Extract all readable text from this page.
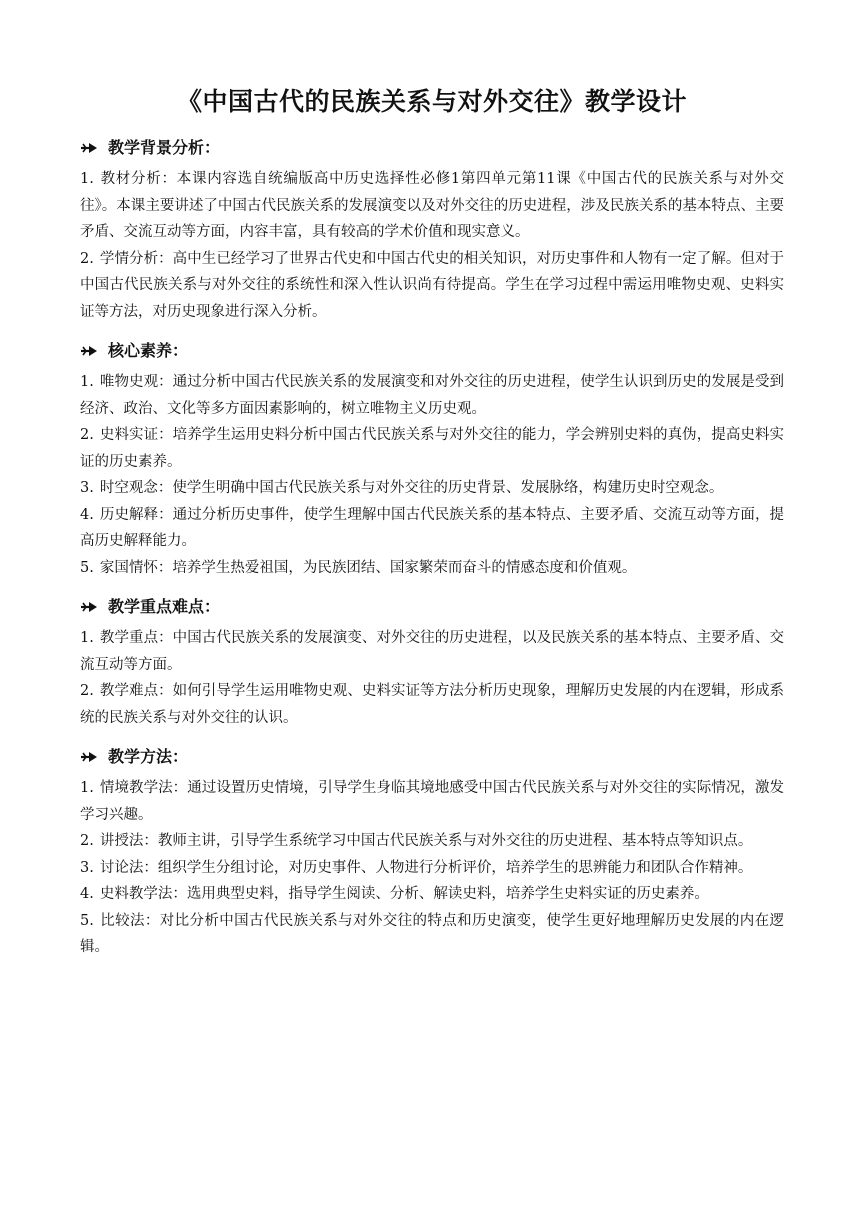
《中国古代的民族关系与对外交往》教学设计
教学背景分析：

1. 教材分析：本课内容选自统编版高中历史选择性必修1第四单元第11课《中国古代的民族关系与对外交往》。本课主要讲述了中国古代民族关系的发展演变以及对外交往的历史进程，涉及民族关系的基本特点、主要矛盾、交流互动等方面，内容丰富，具有较高的学术价值和现实意义。

2. 学情分析：高中生已经学习了世界古代史和中国古代史的相关知识，对历史事件和人物有一定了解。但对于中国古代民族关系与对外交往的系统性和深入性认识尚有待提高。学生在学习过程中需运用唯物史观、史料实证等方法，对历史现象进行深入分析。

核心素养：

1. 唯物史观：通过分析中国古代民族关系的发展演变和对外交往的历史进程，使学生认识到历史的发展是受到经济、政治、文化等多方面因素影响的，树立唯物主义历史观。

2. 史料实证：培养学生运用史料分析中国古代民族关系与对外交往的能力，学会辨别史料的真伪，提高史料实证的历史素养。

3. 时空观念：使学生明确中国古代民族关系与对外交往的历史背景、发展脉络，构建历史时空观念。

4. 历史解释：通过分析历史事件，使学生理解中国古代民族关系的基本特点、主要矛盾、交流互动等方面，提高历史解释能力。

5. 家国情怀：培养学生热爱祖国，为民族团结、国家繁荣而奋斗的情感态度和价值观。

教学重点难点：

1. 教学重点：中国古代民族关系的发展演变、对外交往的历史进程，以及民族关系的基本特点、主要矛盾、交流互动等方面。

2. 教学难点：如何引导学生运用唯物史观、史料实证等方法分析历史现象，理解历史发展的内在逻辑，形成系统的民族关系与对外交往的认识。

教学方法：

1. 情境教学法：通过设置历史情境，引导学生身临其境地感受中国古代民族关系与对外交往的实际情况，激发学习兴趣。

2. 讲授法：教师主讲，引导学生系统学习中国古代民族关系与对外交往的历史进程、基本特点等知识点。

3. 讨论法：组织学生分组讨论，对历史事件、人物进行分析评价，培养学生的思辨能力和团队合作精神。

4. 史料教学法：选用典型史料，指导学生阅读、分析、解读史料，培养学生史料实证的历史素养。

5. 比较法：对比分析中国古代民族关系与对外交往的特点和历史演变，使学生更好地理解历史发展的内在逻辑。
